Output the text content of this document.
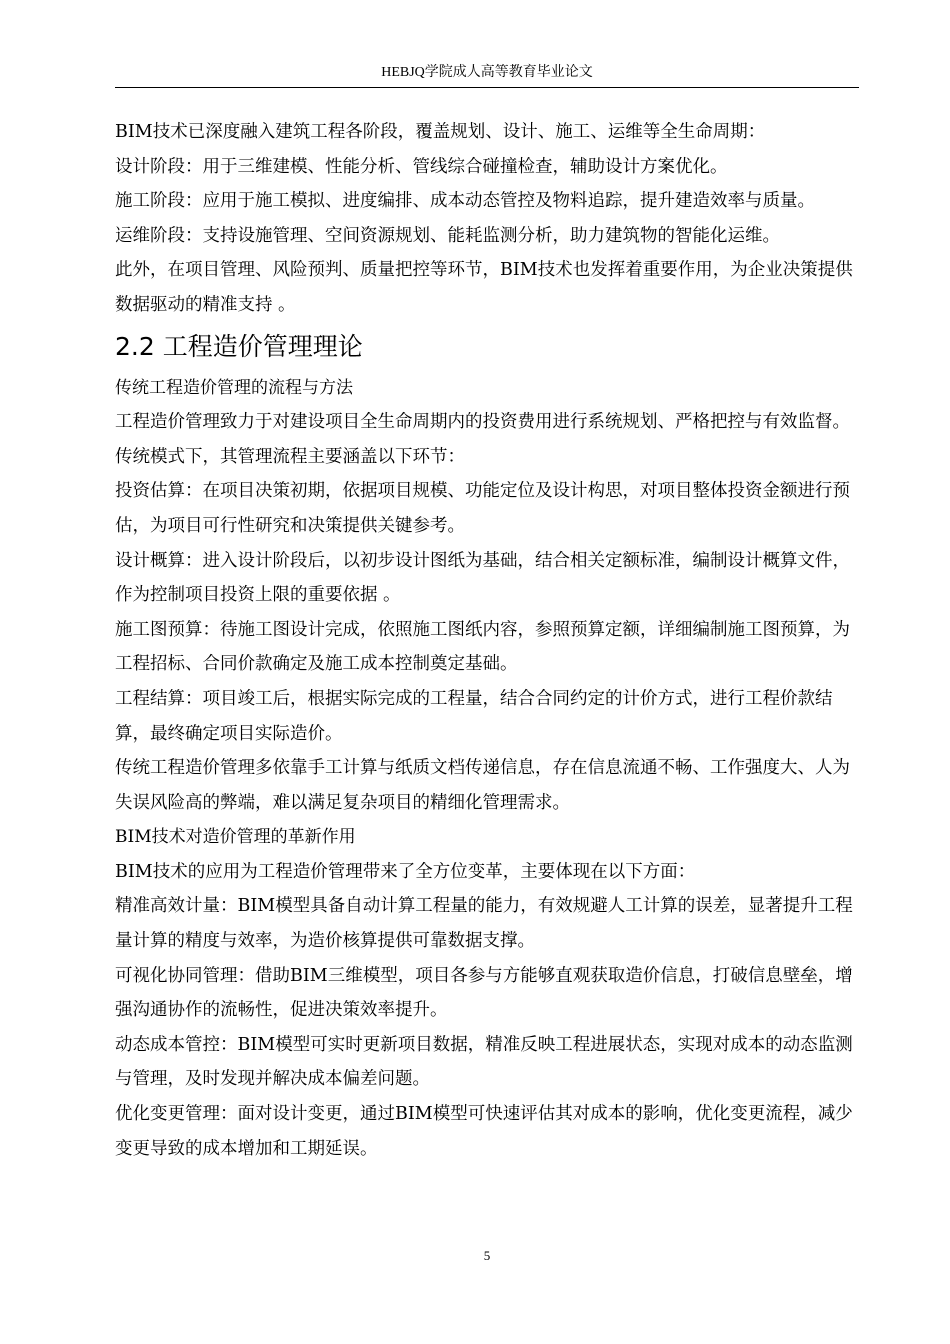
HEBJQ学院成人高等教育毕业论文

BIM技术已深度融入建筑工程各阶段，覆盖规划、设计、施工、运维等全生命周期：

设计阶段：用于三维建模、性能分析、管线综合碰撞检查，辅助设计方案优化。

施工阶段：应用于施工模拟、进度编排、成本动态管控及物料追踪，提升建造效率与质量。

运维阶段：支持设施管理、空间资源规划、能耗监测分析，助力建筑物的智能化运维。

此外，在项目管理、风险预判、质量把控等环节，BIM技术也发挥着重要作用，为企业决策提供数据驱动的精准支持 。

2.2 工程造价管理理论

传统工程造价管理的流程与方法

工程造价管理致力于对建设项目全生命周期内的投资费用进行系统规划、严格把控与有效监督。传统模式下，其管理流程主要涵盖以下环节：

投资估算：在项目决策初期，依据项目规模、功能定位及设计构思，对项目整体投资金额进行预估，为项目可行性研究和决策提供关键参考。

设计概算：进入设计阶段后，以初步设计图纸为基础，结合相关定额标准，编制设计概算文件，作为控制项目投资上限的重要依据 。

施工图预算：待施工图设计完成，依照施工图纸内容，参照预算定额，详细编制施工图预算，为工程招标、合同价款确定及施工成本控制奠定基础。

工程结算：项目竣工后，根据实际完成的工程量，结合合同约定的计价方式，进行工程价款结算，最终确定项目实际造价。

传统工程造价管理多依靠手工计算与纸质文档传递信息，存在信息流通不畅、工作强度大、人为失误风险高的弊端，难以满足复杂项目的精细化管理需求。

BIM技术对造价管理的革新作用

BIM技术的应用为工程造价管理带来了全方位变革，主要体现在以下方面：

精准高效计量：BIM模型具备自动计算工程量的能力，有效规避人工计算的误差，显著提升工程量计算的精度与效率，为造价核算提供可靠数据支撑。

可视化协同管理：借助BIM三维模型，项目各参与方能够直观获取造价信息，打破信息壁垒，增强沟通协作的流畅性，促进决策效率提升。

动态成本管控：BIM模型可实时更新项目数据，精准反映工程进展状态，实现对成本的动态监测与管理，及时发现并解决成本偏差问题。

优化变更管理：面对设计变更，通过BIM模型可快速评估其对成本的影响，优化变更流程，减少变更导致的成本增加和工期延误。

5
